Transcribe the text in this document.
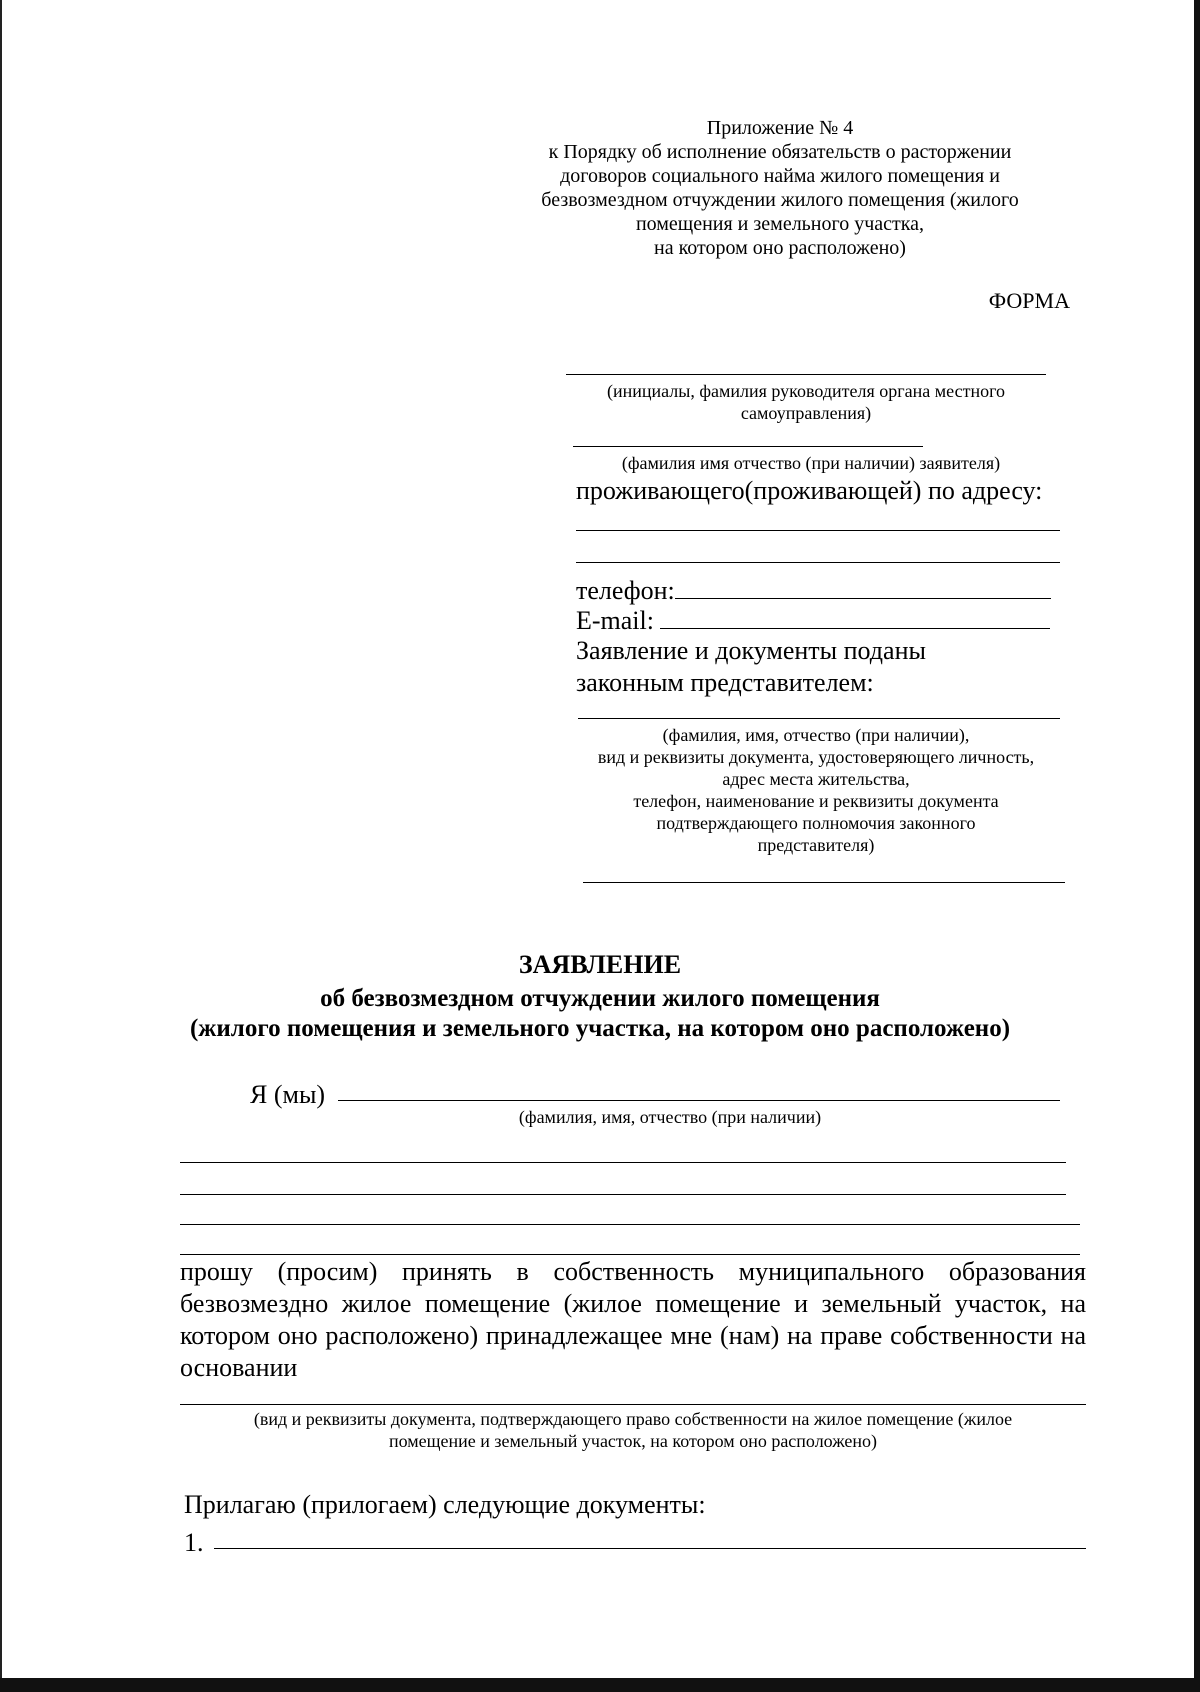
Приложение № 4
к Порядку об исполнение обязательств о расторжении
договоров социального найма жилого помещения и
безвозмездном отчуждении жилого помещения (жилого
помещения и земельного участка,
на котором оно расположено)
ФОРМА
(инициалы, фамилия руководителя органа местного
самоуправления)
(фамилия имя отчество (при наличии) заявителя)
проживающего(проживающей) по адресу:
телефон:
E-mail:
Заявление и документы поданы
законным представителем:
(фамилия, имя, отчество (при наличии),
вид и реквизиты документа, удостоверяющего личность,
адрес места жительства,
телефон, наименование и реквизиты документа
подтверждающего полномочия законного
представителя)
ЗАЯВЛЕНИЕ
об безвозмездном отчуждении жилого помещения
(жилого помещения и земельного участка, на котором оно расположено)
Я (мы)
(фамилия, имя, отчество (при наличии)
прошу (просим) принять в собственность муниципального образования безвозмездно жилое помещение (жилое помещение и земельный участок, на котором оно расположено) принадлежащее мне (нам) на праве собственности на основании
(вид и реквизиты документа, подтверждающего право собственности на жилое помещение (жилое
помещение и земельный участок, на котором оно расположено)
Прилагаю (прилогаем) следующие документы:
1.
